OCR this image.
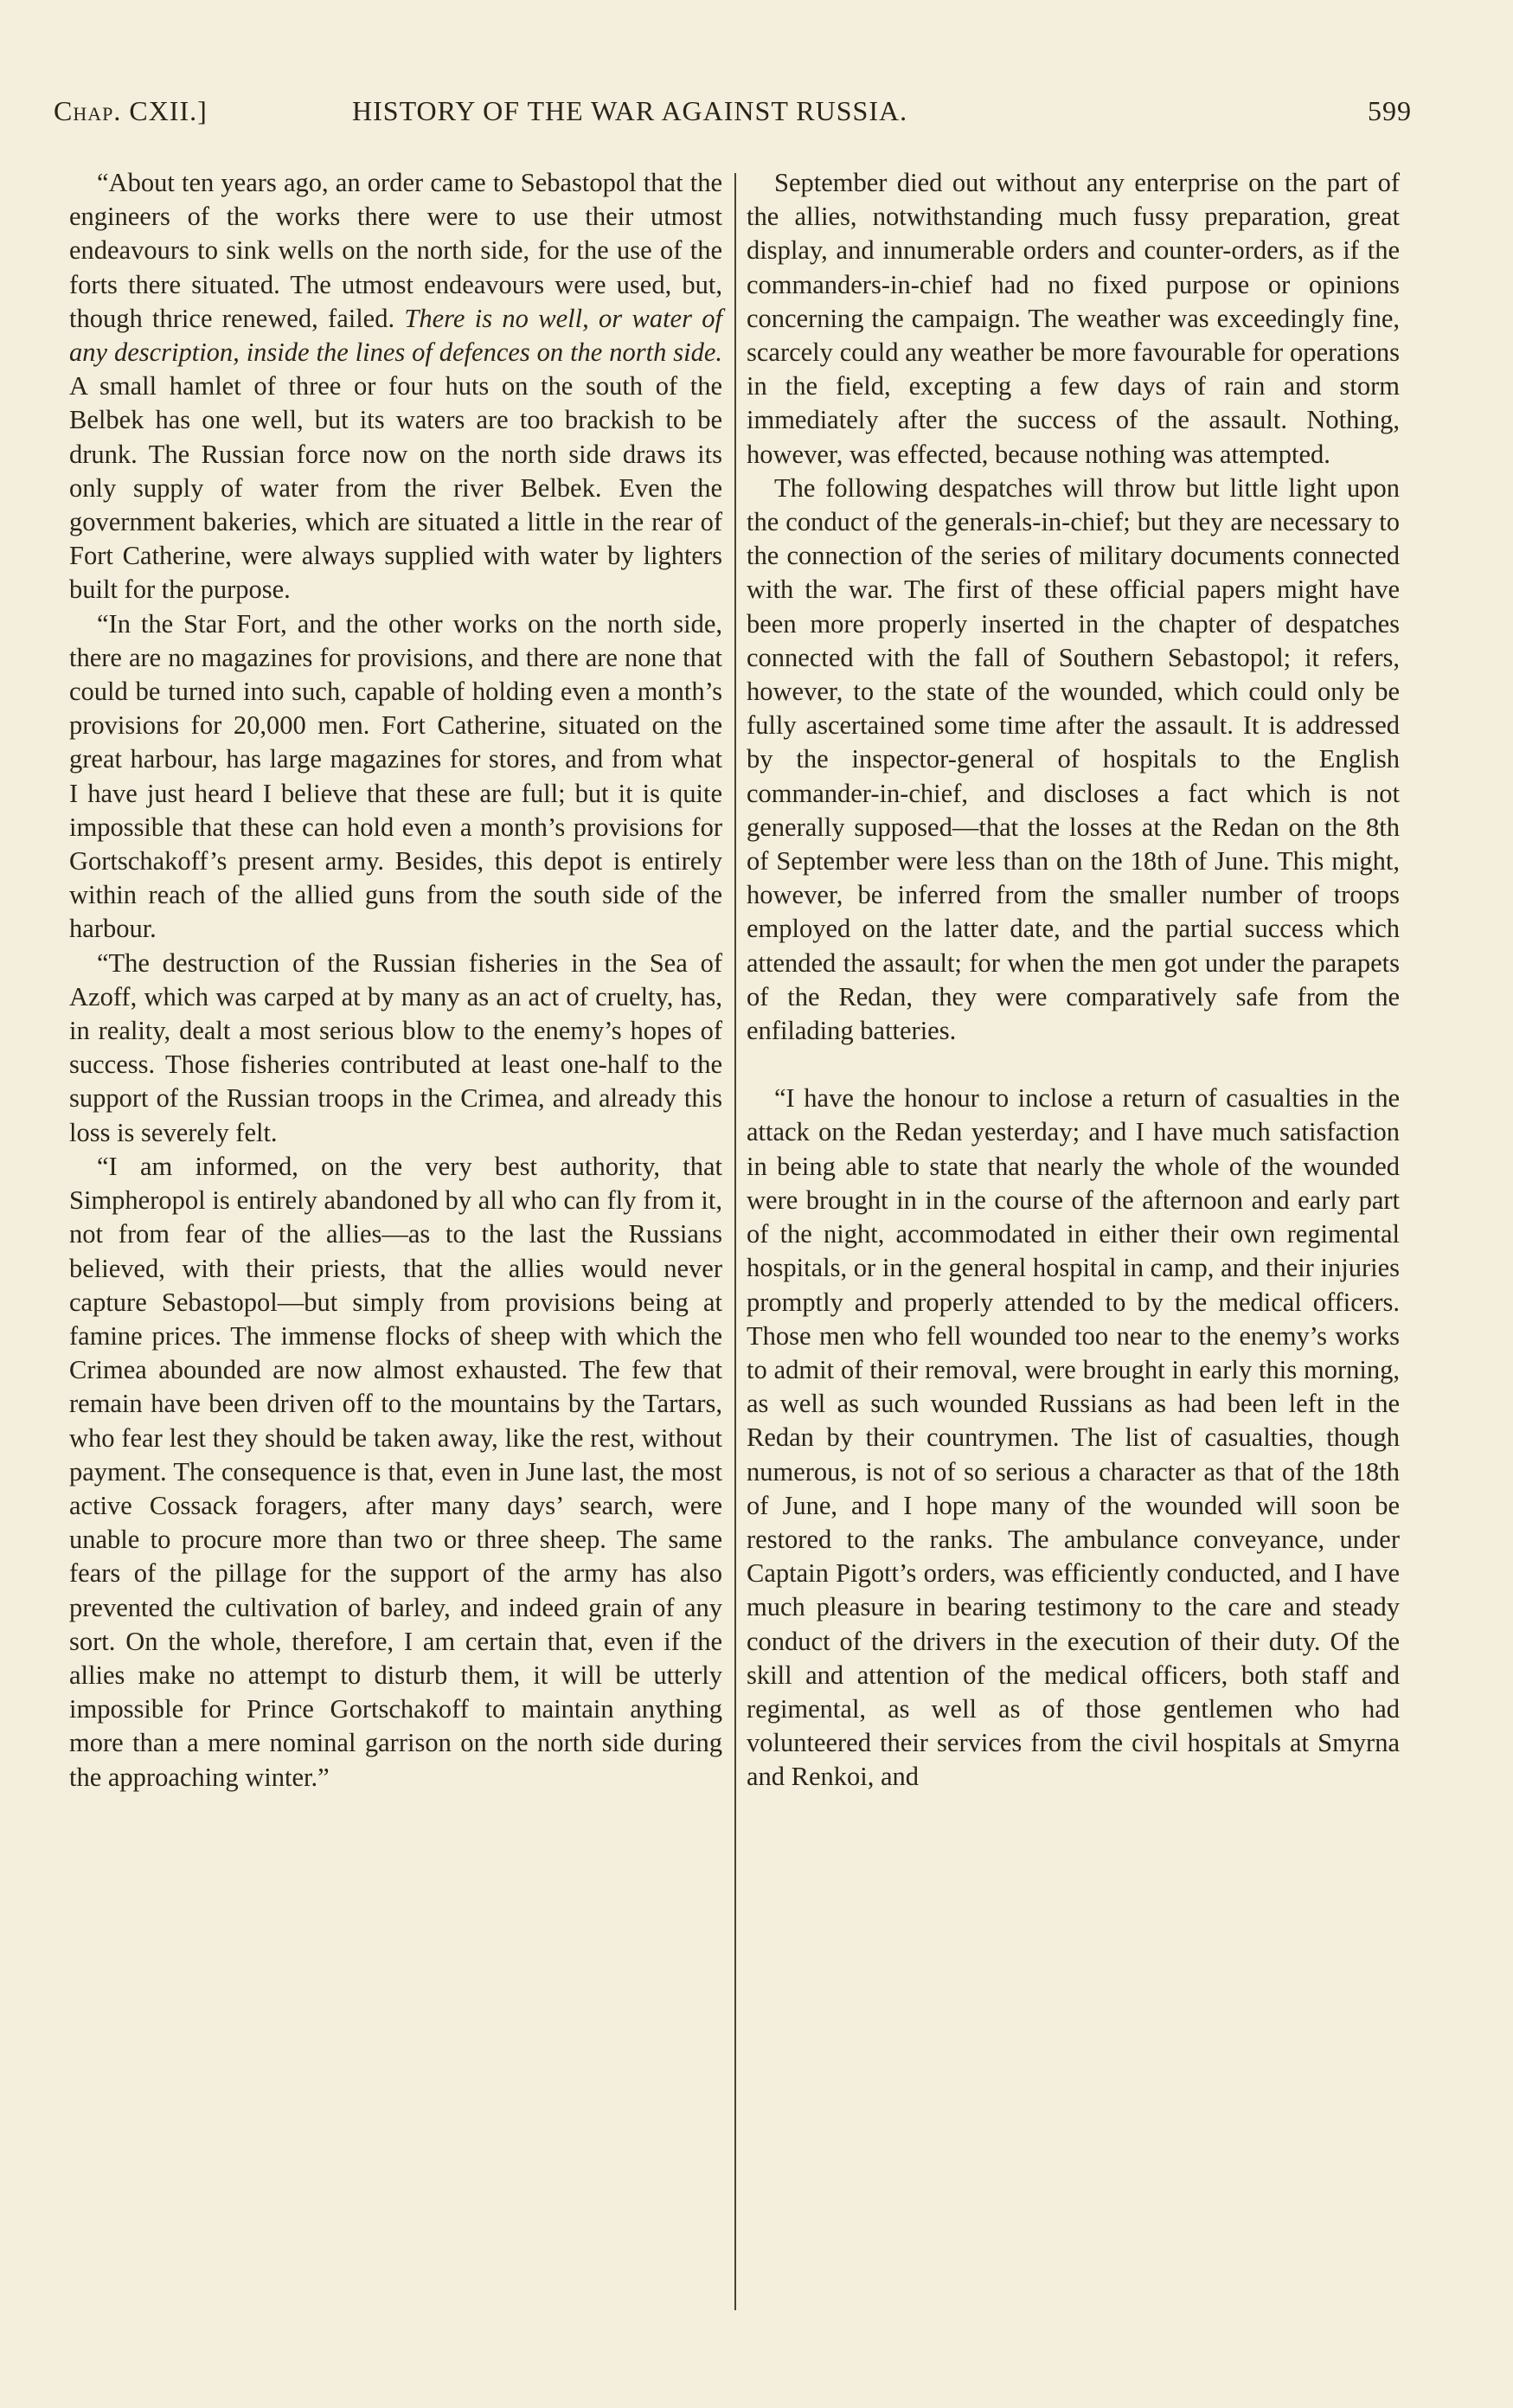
Chap. CXII.]	HISTORY OF THE WAR AGAINST RUSSIA.	599

“About ten years ago, an order came to Sebastopol that the engineers of the works there were to use their utmost endeavours to sink wells on the north side, for the use of the forts there situated. The utmost endeavours were used, but, though thrice renewed, failed. There is no well, or water of any description, inside the lines of defences on the north side. A small hamlet of three or four huts on the south of the Belbek has one well, but its waters are too brackish to be drunk. The Russian force now on the north side draws its only supply of water from the river Belbek. Even the government bakeries, which are situated a little in the rear of Fort Catherine, were always supplied with water by lighters built for the purpose.

“In the Star Fort, and the other works on the north side, there are no magazines for provisions, and there are none that could be turned into such, capable of holding even a month’s provisions for 20,000 men. Fort Catherine, situated on the great harbour, has large magazines for stores, and from what I have just heard I believe that these are full; but it is quite impossible that these can hold even a month’s provisions for Gortschakoff’s present army. Besides, this depot is entirely within reach of the allied guns from the south side of the harbour.

“The destruction of the Russian fisheries in the Sea of Azoff, which was carped at by many as an act of cruelty, has, in reality, dealt a most serious blow to the enemy’s hopes of success. Those fisheries contributed at least one-half to the support of the Russian troops in the Crimea, and already this loss is severely felt.

“I am informed, on the very best authority, that Simpheropol is entirely abandoned by all who can fly from it, not from fear of the allies—as to the last the Russians believed, with their priests, that the allies would never capture Sebastopol—but simply from provisions being at famine prices. The immense flocks of sheep with which the Crimea abounded are now almost exhausted. The few that remain have been driven off to the mountains by the Tartars, who fear lest they should be taken away, like the rest, without payment. The consequence is that, even in June last, the most active Cossack foragers, after many days’ search, were unable to procure more than two or three sheep. The same fears of the pillage for the support of the army has also prevented the cultivation of barley, and indeed grain of any sort. On the whole, therefore, I am certain that, even if the allies make no attempt to disturb them, it will be utterly impossible for Prince Gortschakoff to maintain anything more than a mere nominal garrison on the north side during the approaching winter.”

September died out without any enterprise on the part of the allies, notwithstanding much fussy preparation, great display, and innumerable orders and counter-orders, as if the commanders-in-chief had no fixed purpose or opinions concerning the campaign. The weather was exceedingly fine, scarcely could any weather be more favourable for operations in the field, excepting a few days of rain and storm immediately after the success of the assault. Nothing, however, was effected, because nothing was attempted.

The following despatches will throw but little light upon the conduct of the generals-in-chief; but they are necessary to the connection of the series of military documents connected with the war. The first of these official papers might have been more properly inserted in the chapter of despatches connected with the fall of Southern Sebastopol; it refers, however, to the state of the wounded, which could only be fully ascertained some time after the assault. It is addressed by the inspector-general of hospitals to the English commander-in-chief, and discloses a fact which is not generally supposed—that the losses at the Redan on the 8th of September were less than on the 18th of June. This might, however, be inferred from the smaller number of troops employed on the latter date, and the partial success which attended the assault; for when the men got under the parapets of the Redan, they were comparatively safe from the enfilading batteries.

“I have the honour to inclose a return of casualties in the attack on the Redan yesterday; and I have much satisfaction in being able to state that nearly the whole of the wounded were brought in in the course of the afternoon and early part of the night, accommodated in either their own regimental hospitals, or in the general hospital in camp, and their injuries promptly and properly attended to by the medical officers. Those men who fell wounded too near to the enemy’s works to admit of their removal, were brought in early this morning, as well as such wounded Russians as had been left in the Redan by their countrymen. The list of casualties, though numerous, is not of so serious a character as that of the 18th of June, and I hope many of the wounded will soon be restored to the ranks. The ambulance conveyance, under Captain Pigott’s orders, was efficiently conducted, and I have much pleasure in bearing testimony to the care and steady conduct of the drivers in the execution of their duty. Of the skill and attention of the medical officers, both staff and regimental, as well as of those gentlemen who had volunteered their services from the civil hospitals at Smyrna and Renkoi, and
